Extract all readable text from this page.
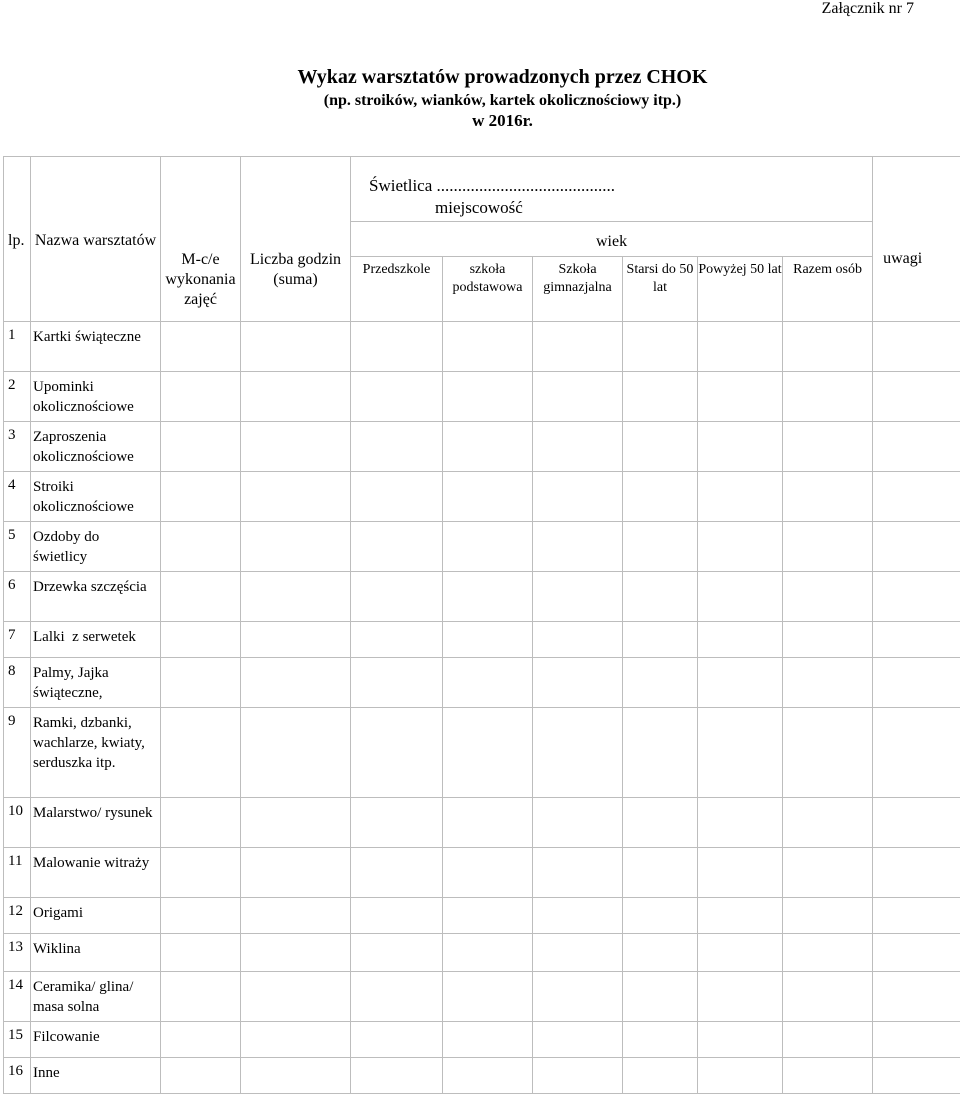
Załącznik nr 7
Wykaz warsztatów prowadzonych przez CHOK
(np. stroików, wianków, kartek okolicznościowy itp.)
w 2016r.
lp.	Nazwa warsztatów	M-c/e wykonania zajęć	Liczba godzin (suma)	Świetlica ..........................................
miejscowość						uwagi
				wiek						
				Przedszkole	szkoła podstawowa	Szkoła gimnazjalna	Starsi do 50 lat	Powyżej 50 lat	Razem osób	
1	Kartki świąteczne									
2	Upominki okolicznościowe									
3	Zaproszenia okolicznościowe									
4	Stroiki okolicznościowe									
5	Ozdoby do świetlicy									
6	Drzewka szczęścia									
7	Lalki  z serwetek									
8	Palmy, Jajka świąteczne,									
9	Ramki, dzbanki, wachlarze, kwiaty, serduszka itp.									
10	Malarstwo/ rysunek									
11	Malowanie witraży									
12	Origami									
13	Wiklina									
14	Ceramika/ glina/ masa solna									
15	Filcowanie									
16	Inne									
